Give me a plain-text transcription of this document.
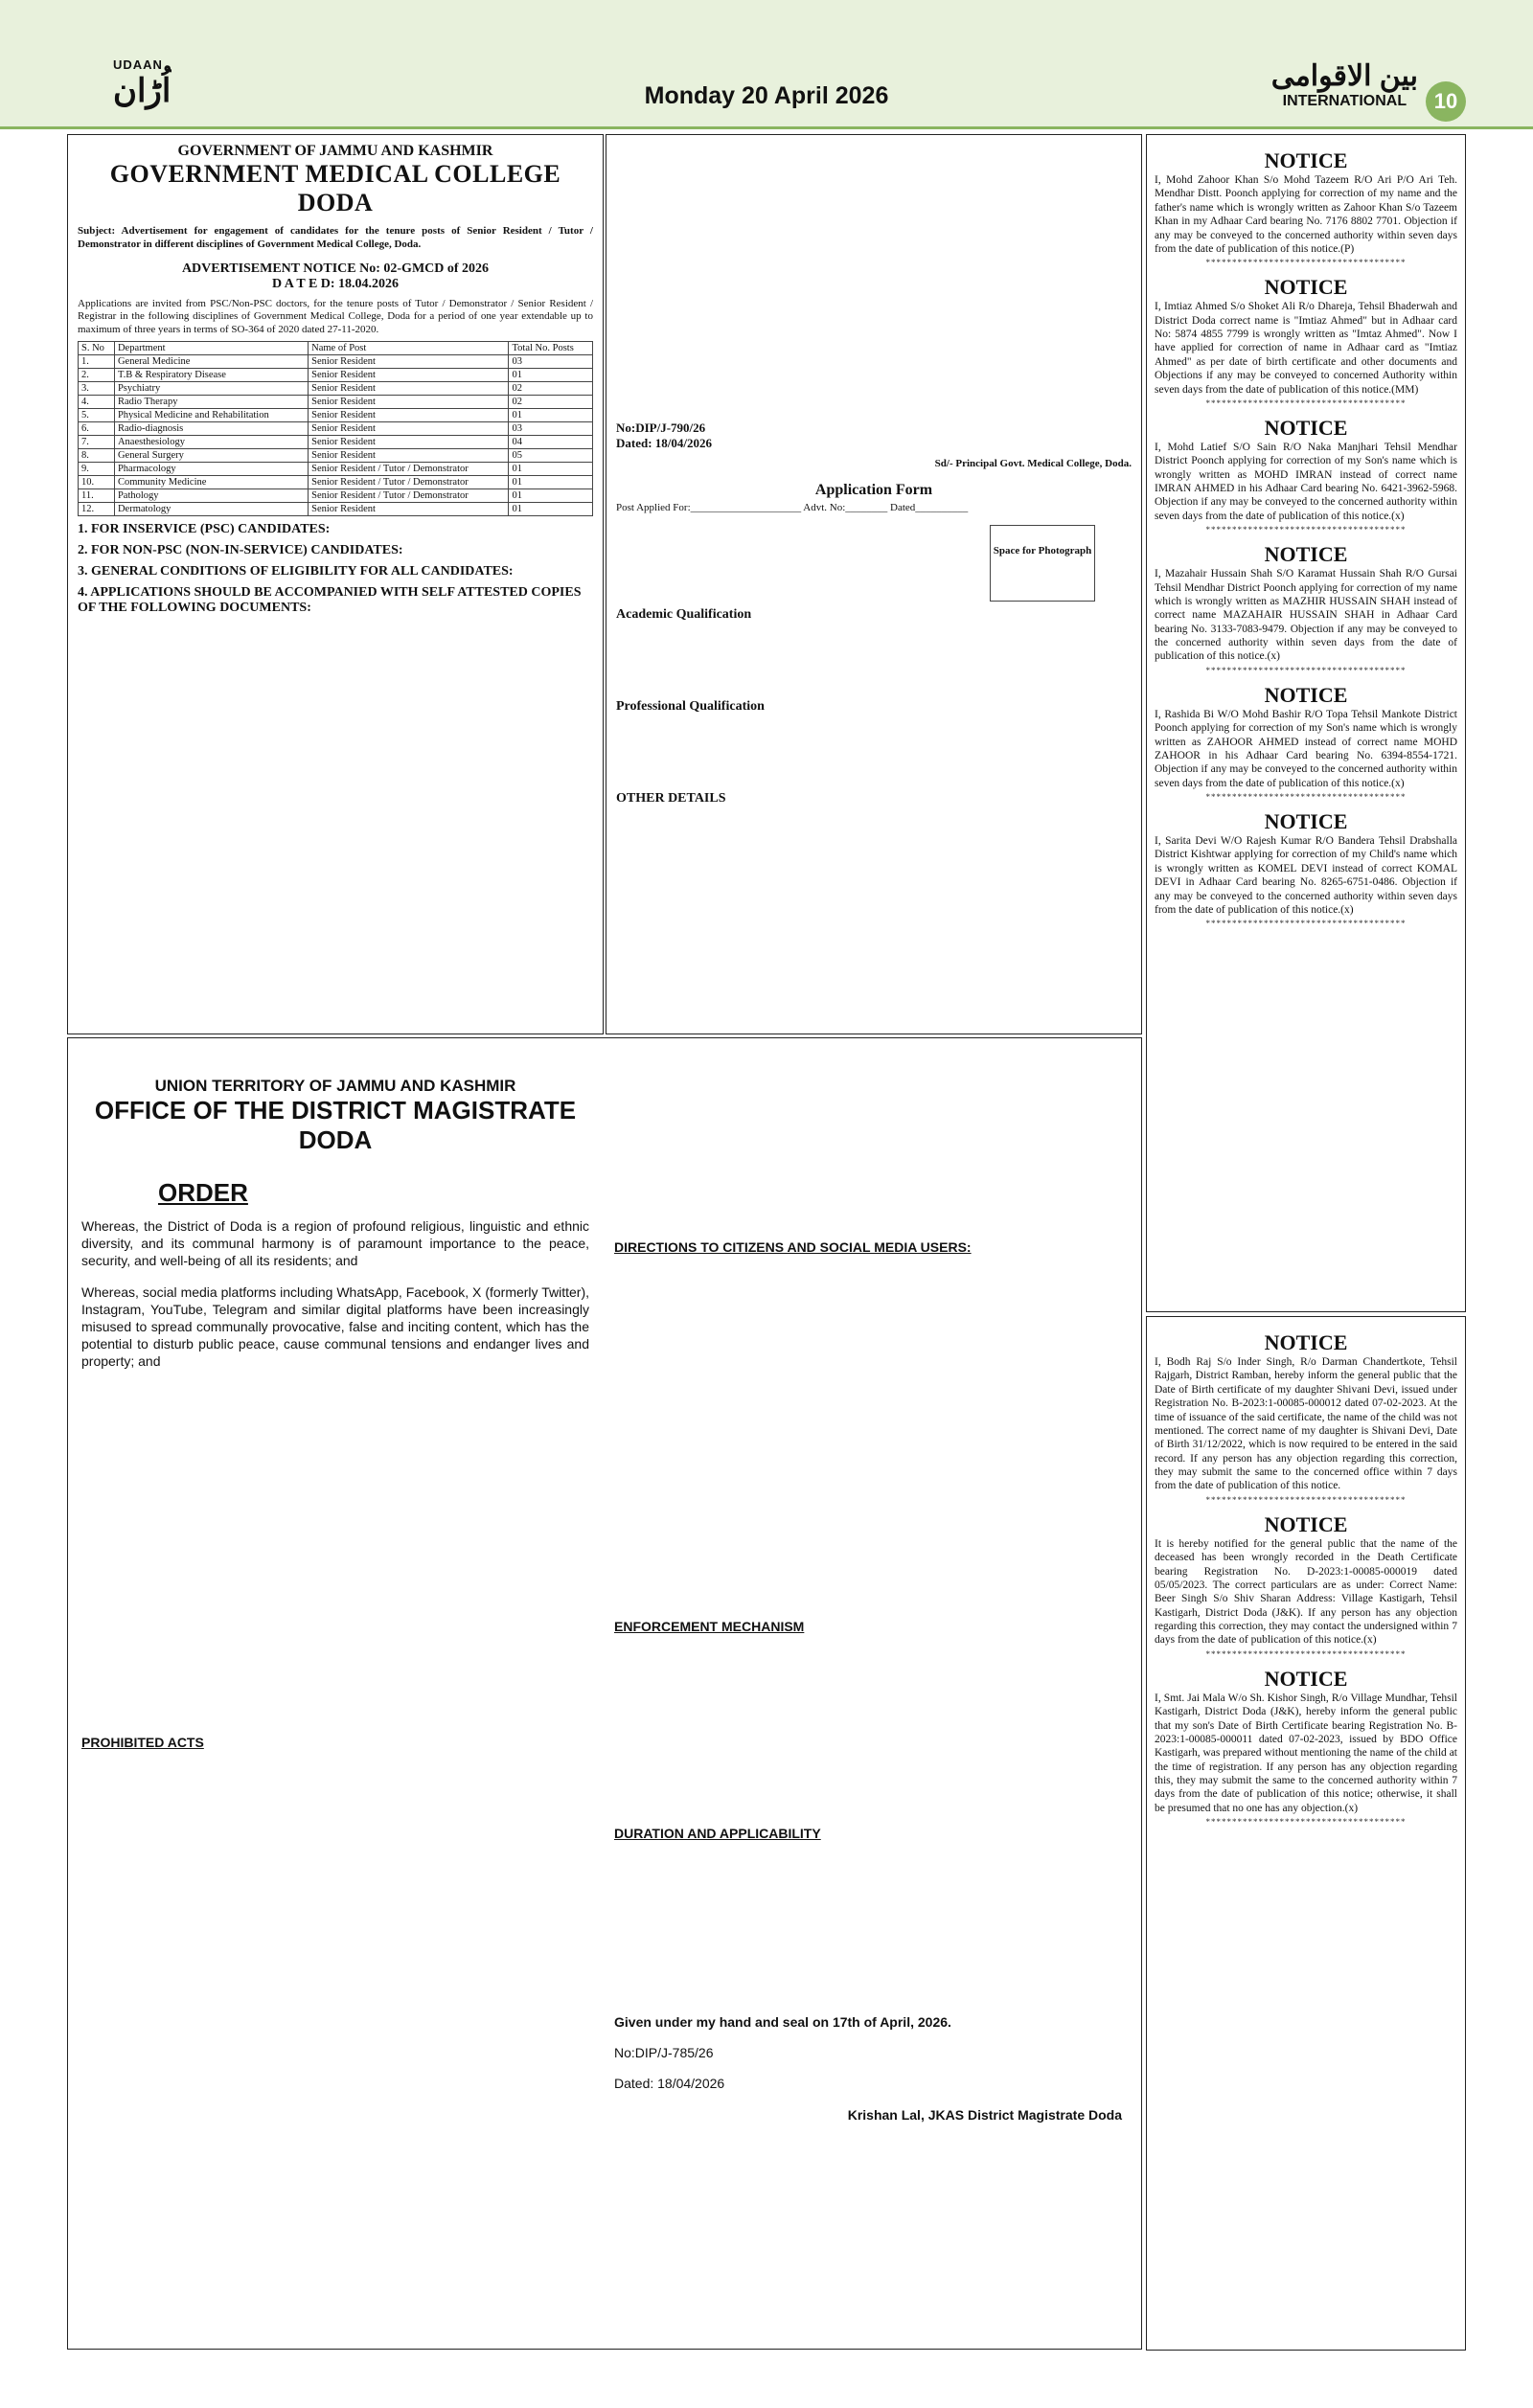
UDAAN
اُڑان	Monday 20 April 2026
بین الاقوامی
INTERNATIONAL	10
GOVERNMENT OF JAMMU AND KASHMIR
GOVERNMENT MEDICAL COLLEGE DODA

Subject: Advertisement for engagement of candidates for the tenure posts of Senior Resident / Tutor / Demonstrator in different disciplines of Government Medical College, Doda.

ADVERTISEMENT NOTICE No: 02-GMCD of 2026
D A T E D: 18.04.2026

Applications are invited from PSC/Non-PSC doctors, for the tenure posts of Tutor / Demonstrator / Senior Resident / Registrar in the following disciplines of Government Medical College, Doda for a period of one year extendable up to maximum of three years in terms of SO-364 of 2020 dated 27-11-2020.

S. No	Department	Name of Post	Total No. Posts
1.	General Medicine	Senior Resident	03
2.	T.B & Respiratory Disease	Senior Resident	01
3.	Psychiatry	Senior Resident	02
4.	Radio Therapy	Senior Resident	02
5.	Physical Medicine and Rehabilitation	Senior Resident	01
6.	Radio-diagnosis	Senior Resident	03
7.	Anaesthesiology	Senior Resident	04
8.	General Surgery	Senior Resident	05
9.	Pharmacology	Senior Resident / Tutor / Demonstrator	01
10.	Community Medicine	Senior Resident / Tutor / Demonstrator	01
11.	Pathology	Senior Resident / Tutor / Demonstrator	01
12.	Dermatology	Senior Resident	01
1. FOR INSERVICE (PSC) CANDIDATES:
2. FOR NON-PSC (NON-IN-SERVICE) CANDIDATES:
3. GENERAL CONDITIONS OF ELIGIBILITY FOR ALL CANDIDATES:
4. APPLICATIONS SHOULD BE ACCOMPANIED WITH SELF ATTESTED COPIES OF THE FOLLOWING DOCUMENTS:

No:DIP/J-790/26

Dated: 18/04/2026

Sd/- Principal Govt. Medical College, Doda.

Application Form

Post Applied For:_____________________ Advt. No:________ Dated__________

Space for Photograph
Academic Qualification
Professional Qualification
OTHER DETAILS

UNION TERRITORY OF JAMMU AND KASHMIR
OFFICE OF THE DISTRICT MAGISTRATE DODA
ORDER

Whereas, the District of Doda is a region of profound religious, linguistic and ethnic diversity, and its communal harmony is of paramount importance to the peace, security, and well-being of all its residents; and

Whereas, social media platforms including WhatsApp, Facebook, X (formerly Twitter), Instagram, YouTube, Telegram and similar digital platforms have been increasingly misused to spread communally provocative, false and inciting content, which has the potential to disturb public peace, cause communal tensions and endanger lives and property; and

PROHIBITED ACTS
DIRECTIONS TO CITIZENS AND SOCIAL MEDIA USERS:
ENFORCEMENT MECHANISM
DURATION AND APPLICABILITY

Given under my hand and seal on 17th of April, 2026.

No:DIP/J-785/26

Dated: 18/04/2026

Krishan Lal, JKAS District Magistrate Doda

NOTICE

I, Mohd Zahoor Khan S/o Mohd Tazeem R/O Ari P/O Ari Teh. Mendhar Distt. Poonch applying for correction of my name and the father's name which is wrongly written as Zahoor Khan S/o Tazeem Khan in my Adhaar Card bearing No. 7176 8802 7701. Objection if any may be conveyed to the concerned authority within seven days from the date of publication of this notice.(P)

**************************************
NOTICE

I, Imtiaz Ahmed S/o Shoket Ali R/o Dhareja, Tehsil Bhaderwah and District Doda correct name is "Imtiaz Ahmed" but in Adhaar card No: 5874 4855 7799 is wrongly written as "Imtaz Ahmed". Now I have applied for correction of name in Adhaar card as "Imtiaz Ahmed" as per date of birth certificate and other documents and Objections if any may be conveyed to concerned Authority within seven days from the date of publication of this notice.(MM)

**************************************
NOTICE

I, Mohd Latief S/O Sain R/O Naka Manjhari Tehsil Mendhar District Poonch applying for correction of my Son's name which is wrongly written as MOHD IMRAN instead of correct name IMRAN AHMED in his Adhaar Card bearing No. 6421-3962-5968. Objection if any may be conveyed to the concerned authority within seven days from the date of publication of this notice.(x)

**************************************
NOTICE

I, Mazahair Hussain Shah S/O Karamat Hussain Shah R/O Gursai Tehsil Mendhar District Poonch applying for correction of my name which is wrongly written as MAZHIR HUSSAIN SHAH instead of correct name MAZAHAIR HUSSAIN SHAH in Adhaar Card bearing No. 3133-7083-9479. Objection if any may be conveyed to the concerned authority within seven days from the date of publication of this notice.(x)

**************************************
NOTICE

I, Rashida Bi W/O Mohd Bashir R/O Topa Tehsil Mankote District Poonch applying for correction of my Son's name which is wrongly written as ZAHOOR AHMED instead of correct name MOHD ZAHOOR in his Adhaar Card bearing No. 6394-8554-1721. Objection if any may be conveyed to the concerned authority within seven days from the date of publication of this notice.(x)

**************************************
NOTICE

I, Sarita Devi W/O Rajesh Kumar R/O Bandera Tehsil Drabshalla District Kishtwar applying for correction of my Child's name which is wrongly written as KOMEL DEVI instead of correct KOMAL DEVI in Adhaar Card bearing No. 8265-6751-0486. Objection if any may be conveyed to the concerned authority within seven days from the date of publication of this notice.(x)

**************************************
NOTICE

I, Bodh Raj S/o Inder Singh, R/o Darman Chandertkote, Tehsil Rajgarh, District Ramban, hereby inform the general public that the Date of Birth certificate of my daughter Shivani Devi, issued under Registration No. B-2023:1-00085-000012 dated 07-02-2023. At the time of issuance of the said certificate, the name of the child was not mentioned. The correct name of my daughter is Shivani Devi, Date of Birth 31/12/2022, which is now required to be entered in the said record. If any person has any objection regarding this correction, they may submit the same to the concerned office within 7 days from the date of publication of this notice.

**************************************
NOTICE

It is hereby notified for the general public that the name of the deceased has been wrongly recorded in the Death Certificate bearing Registration No. D-2023:1-00085-000019 dated 05/05/2023. The correct particulars are as under: Correct Name: Beer Singh S/o Shiv Sharan Address: Village Kastigarh, Tehsil Kastigarh, District Doda (J&K). If any person has any objection regarding this correction, they may contact the undersigned within 7 days from the date of publication of this notice.(x)

**************************************
NOTICE

I, Smt. Jai Mala W/o Sh. Kishor Singh, R/o Village Mundhar, Tehsil Kastigarh, District Doda (J&K), hereby inform the general public that my son's Date of Birth Certificate bearing Registration No. B-2023:1-00085-000011 dated 07-02-2023, issued by BDO Office Kastigarh, was prepared without mentioning the name of the child at the time of registration. If any person has any objection regarding this, they may submit the same to the concerned authority within 7 days from the date of publication of this notice; otherwise, it shall be presumed that no one has any objection.(x)

**************************************
